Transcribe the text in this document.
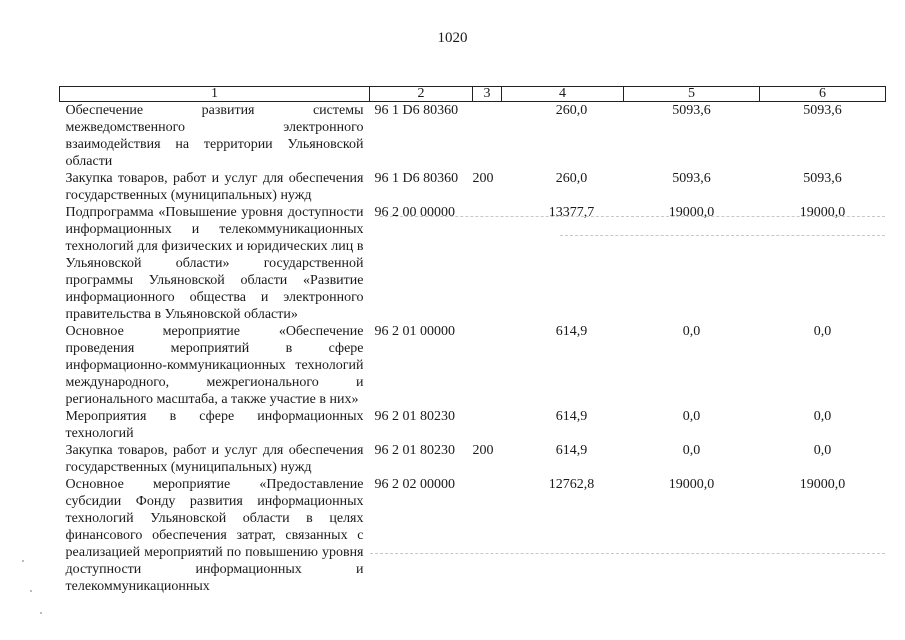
1020
1	2	3	4	5	6
Обеспечение развития системы межведомственного электронного взаимодействия на территории Ульяновской области	96 1 D6 80360		260,0	5093,6	5093,6
Закупка товаров, работ и услуг для обеспечения государственных (муниципальных) нужд	96 1 D6 80360	200	260,0	5093,6	5093,6
Подпрограмма «Повышение уровня доступности информационных и телекоммуникационных технологий для физических и юридических лиц в Ульяновской области» государственной программы Ульяновской области «Развитие информационного общества и электронного правительства в Ульяновской области»	96 2 00 00000		13377,7	19000,0	19000,0
Основное мероприятие «Обеспечение проведения мероприятий в сфере информационно-коммуникационных технологий международного, межрегионального и регионального масштаба, а также участие в них»	96 2 01 00000		614,9	0,0	0,0
Мероприятия в сфере информационных технологий	96 2 01 80230		614,9	0,0	0,0
Закупка товаров, работ и услуг для обеспечения государственных (муниципальных) нужд	96 2 01 80230	200	614,9	0,0	0,0
Основное мероприятие «Предоставление субсидии Фонду развития информационных технологий Ульяновской области в целях финансового обеспечения затрат, связанных с реализацией мероприятий по повышению уровня доступности информационных и телекоммуникационных	96 2 02 00000		12762,8	19000,0	19000,0
